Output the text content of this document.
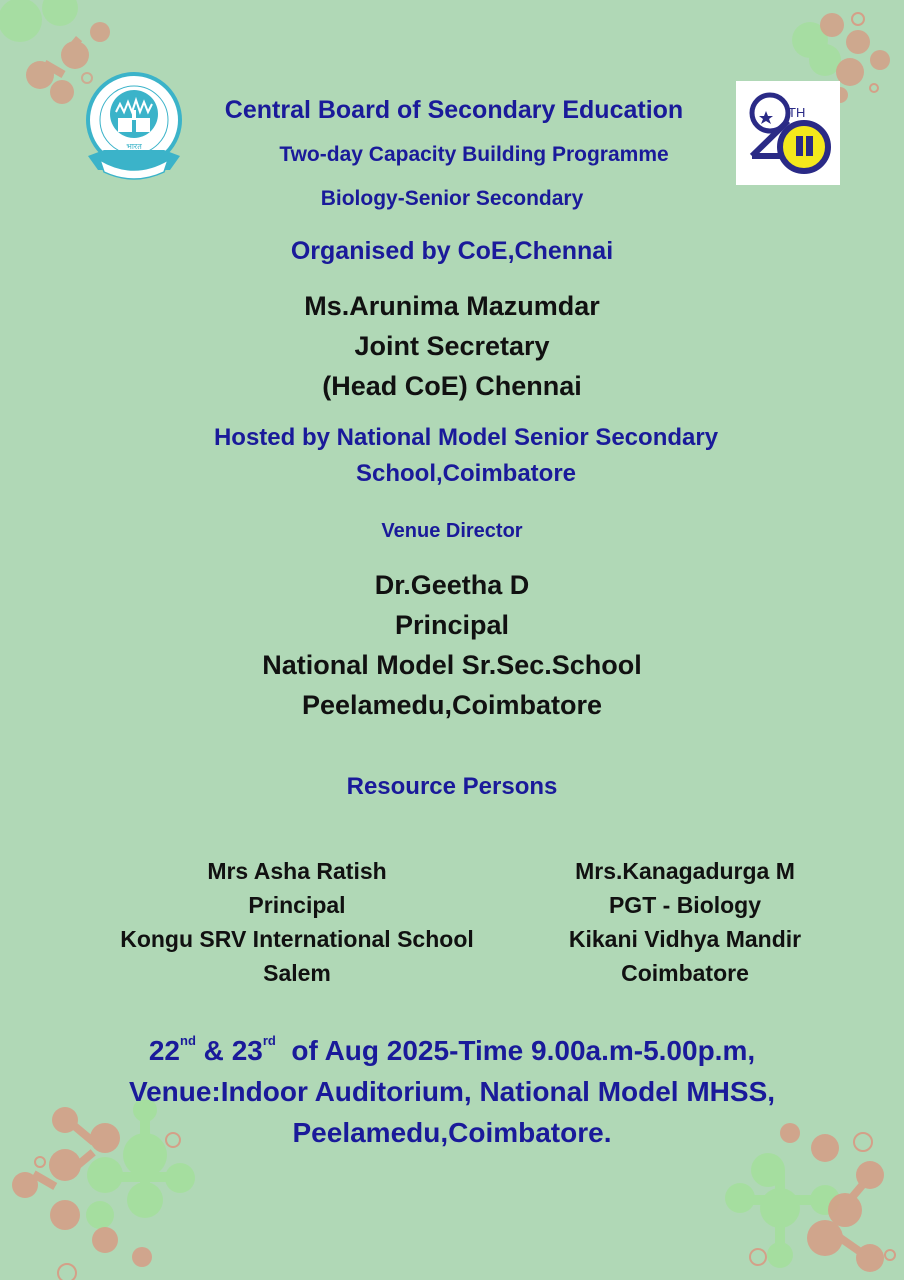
भारत
TH
Central Board of Secondary Education
Two-day Capacity Building Programme
Biology-Senior Secondary
Organised by CoE,Chennai
Ms.Arunima Mazumdar
Joint Secretary
(Head CoE) Chennai
Hosted by National Model Senior Secondary
School,Coimbatore
Venue Director
Dr.Geetha D
Principal
National Model Sr.Sec.School
Peelamedu,Coimbatore
Resource Persons
Mrs Asha Ratish
Principal
Kongu SRV International School
Salem
Mrs.Kanagadurga M
PGT - Biology
Kikani Vidhya Mandir
Coimbatore
22nd & 23rd  of Aug 2025-Time 9.00a.m-5.00p.m,
Venue:Indoor Auditorium, National Model MHSS,
Peelamedu,Coimbatore.
